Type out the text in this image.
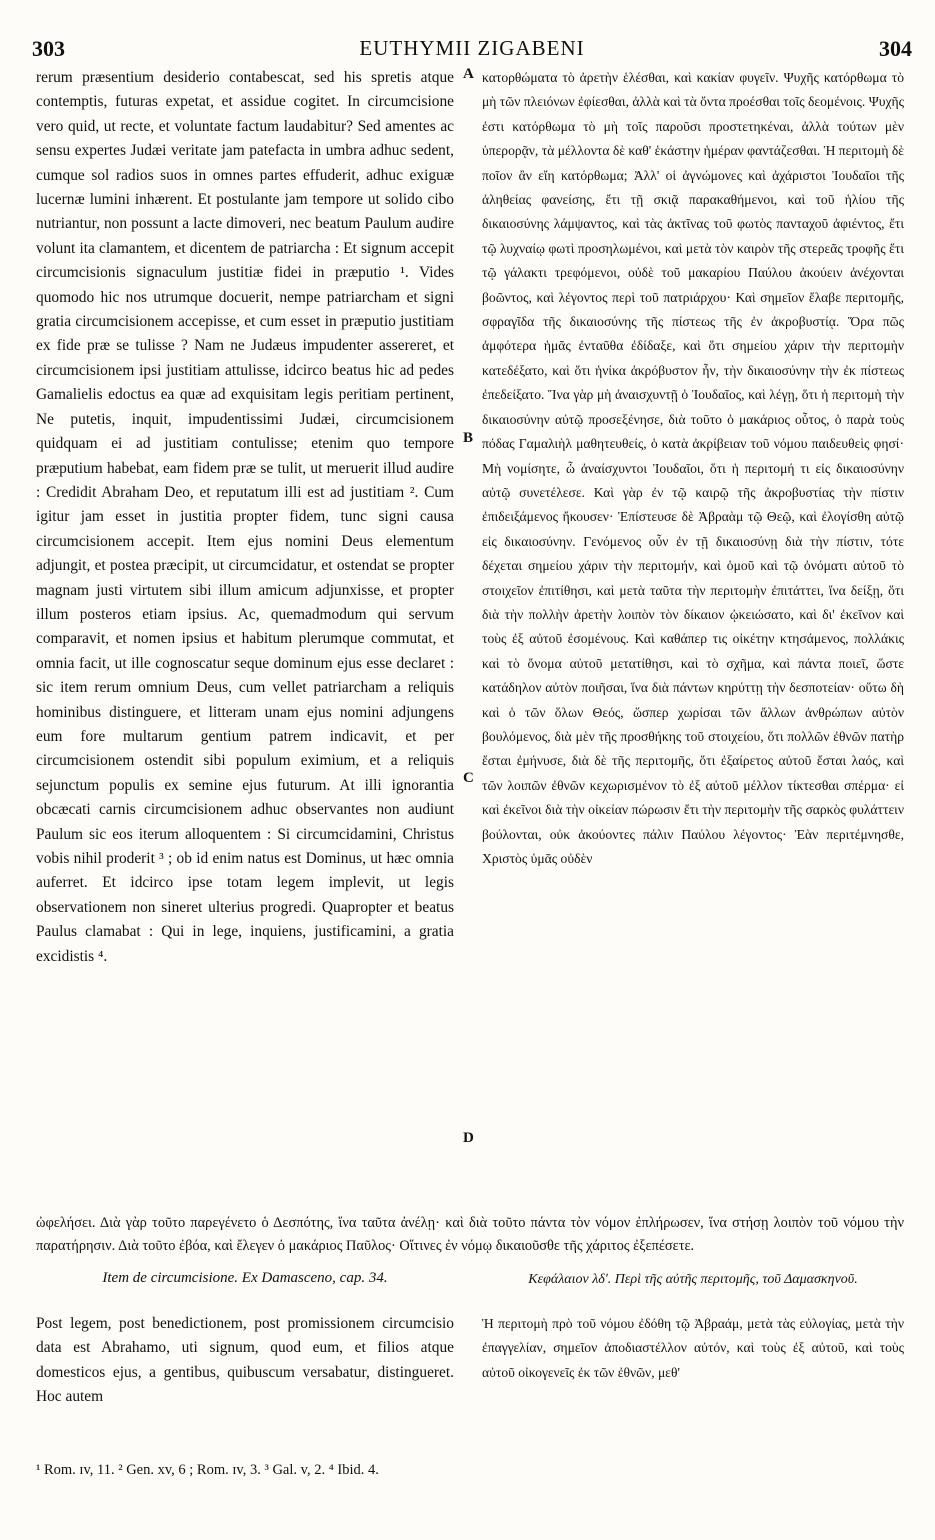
303	EUTHYMII ZIGABENI	304

rerum præsentium desiderio contabescat, sed his spretis atque contemptis, futuras expetat, et assidue cogitet. In circumcisione vero quid, ut recte, et voluntate factum laudabitur? Sed amentes ac sensu expertes Judæi veritate jam patefacta in umbra adhuc sedent, cumque sol radios suos in omnes partes effuderit, adhuc exiguæ lucernæ lumini inhærent. Et postulante jam tempore ut solido cibo nutriantur, non possunt a lacte dimoveri, nec beatum Paulum audire volunt ita clamantem, et dicentem de patriarcha : Et signum accepit circumcisionis signaculum justitiæ fidei in præputio ¹. Vides quomodo hic nos utrumque docuerit, nempe patriarcham et signi gratia circumcisionem accepisse, et cum esset in præputio justitiam ex fide præ se tulisse ? Nam ne Judæus impudenter assereret, et circumcisionem ipsi justitiam attulisse, idcirco beatus hic ad pedes Gamalielis edoctus ea quæ ad exquisitam legis peritiam pertinent, Ne putetis, inquit, impudentissimi Judæi, circumcisionem quidquam ei ad justitiam contulisse; etenim quo tempore præputium habebat, eam fidem præ se tulit, ut meruerit illud audire : Credidit Abraham Deo, et reputatum illi est ad justitiam ². Cum igitur jam esset in justitia propter fidem, tunc signi causa circumcisionem accepit. Item ejus nomini Deus elementum adjungit, et postea præcipit, ut circumcidatur, et ostendat se propter magnam justi virtutem sibi illum amicum adjunxisse, et propter illum posteros etiam ipsius. Ac, quemadmodum qui servum comparavit, et nomen ipsius et habitum plerumque commutat, et omnia facit, ut ille cognoscatur seque dominum ejus esse declaret : sic item rerum omnium Deus, cum vellet patriarcham a reliquis hominibus distinguere, et litteram unam ejus nomini adjungens eum fore multarum gentium patrem indicavit, et per circumcisionem ostendit sibi populum eximium, et a reliquis sejunctum populis ex semine ejus futurum. At illi ignorantia obcæcati carnis circumcisionem adhuc observantes non audiunt Paulum sic eos iterum alloquentem : Si circumcidamini, Christus vobis nihil proderit ³ ; ob id enim natus est Dominus, ut hæc omnia auferret. Et idcirco ipse totam legem implevit, ut legis observationem non sineret ulterius progredi. Quapropter et beatus Paulus clamabat : Qui in lege, inquiens, justificamini, a gratia excidistis ⁴.

A
B
C
D

κατορθώματα τὸ ἀρετὴν ἑλέσθαι, καὶ κακίαν φυγεῖν. Ψυχῆς κατόρθωμα τὸ μὴ τῶν πλειόνων ἐφίεσθαι, ἀλλὰ καὶ τὰ ὄντα προέσθαι τοῖς δεομένοις. Ψυχῆς ἐστι κατόρθωμα τὸ μὴ τοῖς παροῦσι προστετηκέναι, ἀλλὰ τούτων μὲν ὑπερορᾷν, τὰ μέλλοντα δὲ καθ' ἑκάστην ἡμέραν φαντάζεσθαι. Ἡ περιτομὴ δὲ ποῖον ἂν εἴη κατόρθωμα; Ἀλλ' οἱ ἀγνώμονες καὶ ἀχάριστοι Ἰουδαῖοι τῆς ἀληθείας φανείσης, ἔτι τῇ σκιᾷ παρακαθήμενοι, καὶ τοῦ ἡλίου τῆς δικαιοσύνης λάμψαντος, καὶ τὰς ἀκτῖνας τοῦ φωτὸς πανταχοῦ ἀφιέντος, ἔτι τῷ λυχναίῳ φωτὶ προσηλωμένοι, καὶ μετὰ τὸν καιρὸν τῆς στερεᾶς τροφῆς ἔτι τῷ γάλακτι τρεφόμενοι, οὐδὲ τοῦ μακαρίου Παύλου ἀκούειν ἀνέχονται βοῶντος, καὶ λέγοντος περὶ τοῦ πατριάρχου· Καὶ σημεῖον ἔλαβε περιτομῆς, σφραγῖδα τῆς δικαιοσύνης τῆς πίστεως τῆς ἐν ἀκροβυστίᾳ. Ὅρα πῶς ἀμφότερα ἡμᾶς ἐνταῦθα ἐδίδαξε, καὶ ὅτι σημείου χάριν τὴν περιτομὴν κατεδέξατο, καὶ ὅτι ἡνίκα ἀκρόβυστον ἦν, τὴν δικαιοσύνην τὴν ἐκ πίστεως ἐπεδείξατο. Ἵνα γὰρ μὴ ἀναισχυντῇ ὁ Ἰουδαῖος, καὶ λέγῃ, ὅτι ἡ περιτομὴ τὴν δικαιοσύνην αὐτῷ προσεξένησε, διὰ τοῦτο ὁ μακάριος οὗτος, ὁ παρὰ τοὺς πόδας Γαμαλιὴλ μαθητευθείς, ὁ κατὰ ἀκρίβειαν τοῦ νόμου παιδευθεὶς φησί· Μὴ νομίσητε, ὦ ἀναίσχυντοι Ἰουδαῖοι, ὅτι ἡ περιτομή τι εἰς δικαιοσύνην αὐτῷ συνετέλεσε. Καὶ γὰρ ἐν τῷ καιρῷ τῆς ἀκροβυστίας τὴν πίστιν ἐπιδειξάμενος ἤκουσεν· Ἐπίστευσε δὲ Ἀβραὰμ τῷ Θεῷ, καὶ ἐλογίσθη αὐτῷ εἰς δικαιοσύνην. Γενόμενος οὖν ἐν τῇ δικαιοσύνῃ διὰ τὴν πίστιν, τότε δέχεται σημείου χάριν τὴν περιτομήν, καὶ ὁμοῦ καὶ τῷ ὀνόματι αὐτοῦ τὸ στοιχεῖον ἐπιτίθησι, καὶ μετὰ ταῦτα τὴν περιτομὴν ἐπιτάττει, ἵνα δείξῃ, ὅτι διὰ τὴν πολλὴν ἀρετὴν λοιπὸν τὸν δίκαιον ᾠκειώσατο, καὶ δι' ἐκεῖνον καὶ τοὺς ἐξ αὐτοῦ ἐσομένους. Καὶ καθάπερ τις οἰκέτην κτησάμενος, πολλάκις καὶ τὸ ὄνομα αὐτοῦ μετατίθησι, καὶ τὸ σχῆμα, καὶ πάντα ποιεῖ, ὥστε κατάδηλον αὐτὸν ποιῆσαι, ἵνα διὰ πάντων κηρύττῃ τὴν δεσποτείαν· οὕτω δὴ καὶ ὁ τῶν ὅλων Θεός, ὥσπερ χωρίσαι τῶν ἄλλων ἀνθρώπων αὐτὸν βουλόμενος, διὰ μὲν τῆς προσθήκης τοῦ στοιχείου, ὅτι πολλῶν ἐθνῶν πατὴρ ἔσται ἐμήνυσε, διὰ δὲ τῆς περιτομῆς, ὅτι ἐξαίρετος αὐτοῦ ἔσται λαός, καὶ τῶν λοιπῶν ἐθνῶν κεχωρισμένον τὸ ἐξ αὐτοῦ μέλλον τίκτεσθαι σπέρμα· εἰ καὶ ἐκεῖνοι διὰ τὴν οἰκείαν πώρωσιν ἔτι τὴν περιτομὴν τῆς σαρκὸς φυλάττειν βούλονται, οὐκ ἀκούοντες πάλιν Παύλου λέγοντος· Ἐὰν περιτέμνησθε, Χριστὸς ὑμᾶς οὐδὲν

ὠφελήσει. Διὰ γὰρ τοῦτο παρεγένετο ὁ Δεσπότης, ἵνα ταῦτα ἀνέλῃ· καὶ διὰ τοῦτο πάντα τὸν νόμον ἐπλήρωσεν, ἵνα στήσῃ λοιπὸν τοῦ νόμου τὴν παρατήρησιν. Διὰ τοῦτο ἐβόα, καὶ ἔλεγεν ὁ μακάριος Παῦλος· Οἵτινες ἐν νόμῳ δικαιοῦσθε τῆς χάριτος ἐξεπέσετε.

Item de circumcisione. Ex Damasceno, cap. 34.	Κεφάλαιον λδʹ. Περὶ τῆς αὐτῆς περιτομῆς, τοῦ Δαμασκηνοῦ.

Post legem, post benedictionem, post promissionem circumcisio data est Abrahamo, uti signum, quod eum, et filios atque domesticos ejus, a gentibus, quibuscum versabatur, distingueret. Hoc autem

Ἡ περιτομὴ πρὸ τοῦ νόμου ἐδόθη τῷ Ἀβραάμ, μετὰ τὰς εὐλογίας, μετὰ τὴν ἐπαγγελίαν, σημεῖον ἀποδιαστέλλον αὐτόν, καὶ τοὺς ἐξ αὐτοῦ, καὶ τοὺς αὐτοῦ οἰκογενεῖς ἐκ τῶν ἐθνῶν, μεθ'

¹ Rom. ɪv, 11. ² Gen. xv, 6 ; Rom. ɪv, 3. ³ Gal. v, 2. ⁴ Ibid. 4.
